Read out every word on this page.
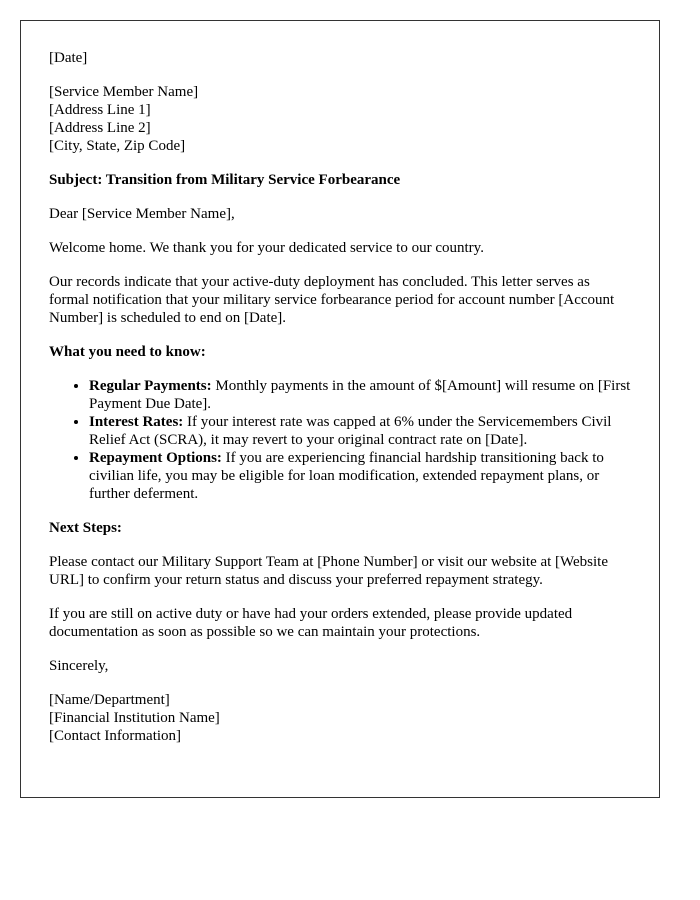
[Date]

[Service Member Name]
[Address Line 1]
[Address Line 2]
[City, State, Zip Code]

Subject: Transition from Military Service Forbearance

Dear [Service Member Name],

Welcome home. We thank you for your dedicated service to our country.

Our records indicate that your active-duty deployment has concluded. This letter serves as formal notification that your military service forbearance period for account number [Account Number] is scheduled to end on [Date].

What you need to know:

• Regular Payments: Monthly payments in the amount of $[Amount] will resume on [First Payment Due Date].
• Interest Rates: If your interest rate was capped at 6% under the Servicemembers Civil Relief Act (SCRA), it may revert to your original contract rate on [Date].
• Repayment Options: If you are experiencing financial hardship transitioning back to civilian life, you may be eligible for loan modification, extended repayment plans, or further deferment.

Next Steps:

Please contact our Military Support Team at [Phone Number] or visit our website at [Website URL] to confirm your return status and discuss your preferred repayment strategy.

If you are still on active duty or have had your orders extended, please provide updated documentation as soon as possible so we can maintain your protections.

Sincerely,

[Name/Department]
[Financial Institution Name]
[Contact Information]
